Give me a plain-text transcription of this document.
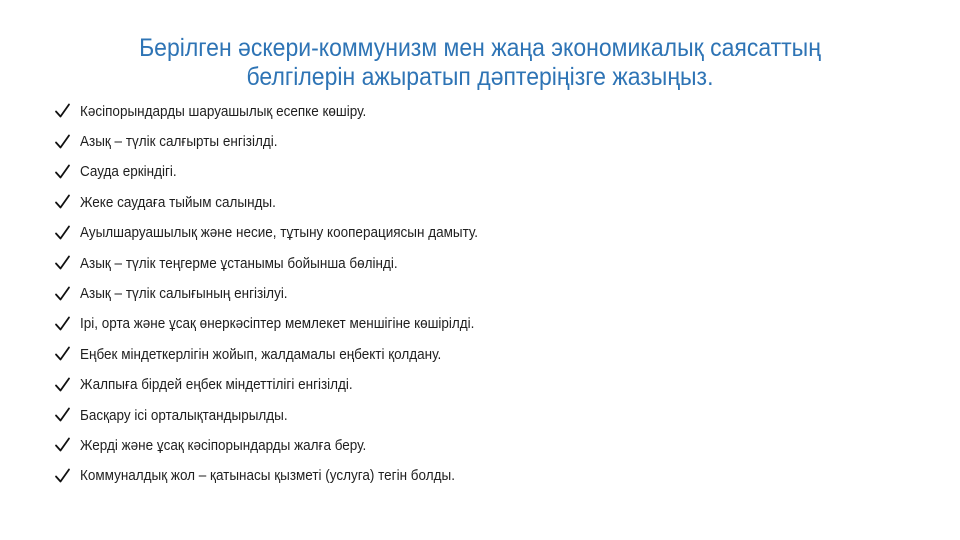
Берілген әскери-коммунизм мен жаңа экономикалық саясаттың
белгілерін ажыратып дәптеріңізге жазыңыз.
Кәсіпорындарды шаруашылық есепке көшіру.
Азық – түлік салғырты енгізілді.
Сауда еркіндігі.
Жеке саудаға тыйым салынды.
Ауылшаруашылық және несие, тұтыну кооперациясын дамыту.
Азық – түлік теңгерме ұстанымы бойынша бөлінді.
Азық – түлік салығының енгізілуі.
Ірі, орта және ұсақ өнеркәсіптер мемлекет меншігіне көшірілді.
Еңбек міндеткерлігін жойып, жалдамалы еңбекті қолдану.
Жалпыға бірдей еңбек міндеттілігі енгізілді.
Басқару ісі орталықтандырылды.
Жерді және ұсақ кәсіпорындарды жалға беру.
Коммуналдық жол – қатынасы қызметі (услуга) тегін болды.
